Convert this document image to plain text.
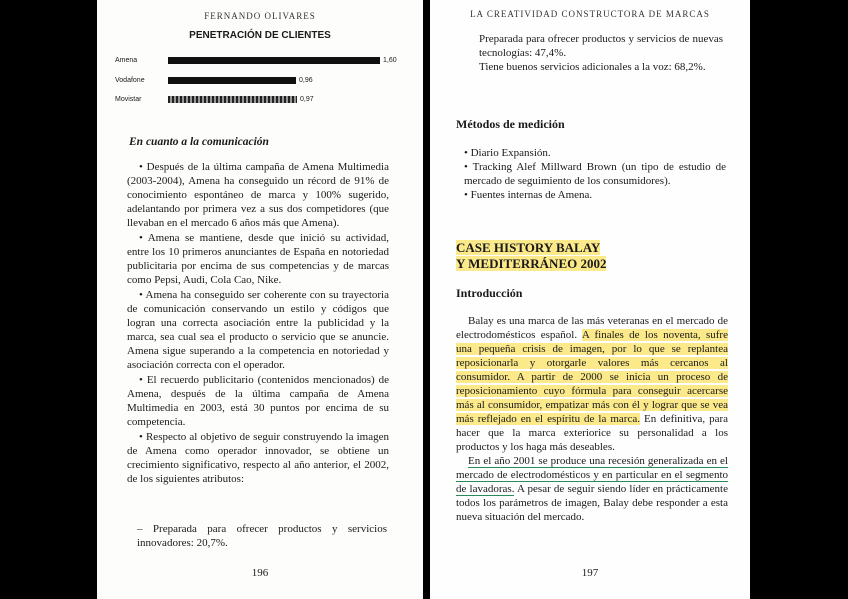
FERNANDO OLIVARES
PENETRACIÓN DE CLIENTES
Amena	1,60
Vodafone	0,96
Movistar	0,97
En cuanto a la comunicación

• Después de la última campaña de Amena Multimedia (2003-2004), Amena ha conseguido un récord de 91% de conocimiento espontáneo de marca y 100% sugerido, adelantando por primera vez a sus dos competidores (que llevaban en el mercado 6 años más que Amena).

• Amena se mantiene, desde que inició su actividad, entre los 10 primeros anunciantes de España en notoriedad publicitaria por encima de sus competencias y de marcas como Pepsi, Audi, Cola Cao, Nike.

• Amena ha conseguido ser coherente con su trayectoria de comunicación conservando un estilo y códigos que logran una correcta asociación entre la publicidad y la marca, sea cual sea el producto o servicio que se anuncie. Amena sigue superando a la competencia en notoriedad y asociación correcta con el operador.

• El recuerdo publicitario (contenidos mencionados) de Amena, después de la última campaña de Amena Multimedia en 2003, está 30 puntos por encima de su competencia.

• Respecto al objetivo de seguir construyendo la imagen de Amena como operador innovador, se obtiene un crecimiento significativo, respecto al año anterior, el 2002, de los siguientes atributos:

– Preparada para ofrecer productos y servicios innovadores: 20,7%.
196
LA CREATIVIDAD CONSTRUCTORA DE MARCAS

Preparada para ofrecer productos y servicios de nuevas tecnologías: 47,4%.

Tiene buenos servicios adicionales a la voz: 68,2%.

Métodos de medición

• Diario Expansión.

• Tracking Alef Millward Brown (un tipo de estudio de mercado de seguimiento de los consumidores).

• Fuentes internas de Amena.

CASE HISTORY BALAY
Y MEDITERRÁNEO 2002
Introducción

Balay es una marca de las más veteranas en el mercado de electrodomésticos español. A finales de los noventa, sufre una pequeña crisis de imagen, por lo que se replantea reposicionarla y otorgarle valores más cercanos al consumidor. A partir de 2000 se inicia un proceso de reposicionamiento cuyo fórmula para conseguir acercarse más al consumidor, empatizar más con él y lograr que se vea más reflejado en el espíritu de la marca. En definitiva, para hacer que la marca exteriorice su personalidad a los productos y los haga más deseables.

En el año 2001 se produce una recesión generalizada en el mercado de electrodomésticos y en particular en el segmento de lavadoras. A pesar de seguir siendo líder en prácticamente todos los parámetros de imagen, Balay debe responder a esta nueva situación del mercado.

197
